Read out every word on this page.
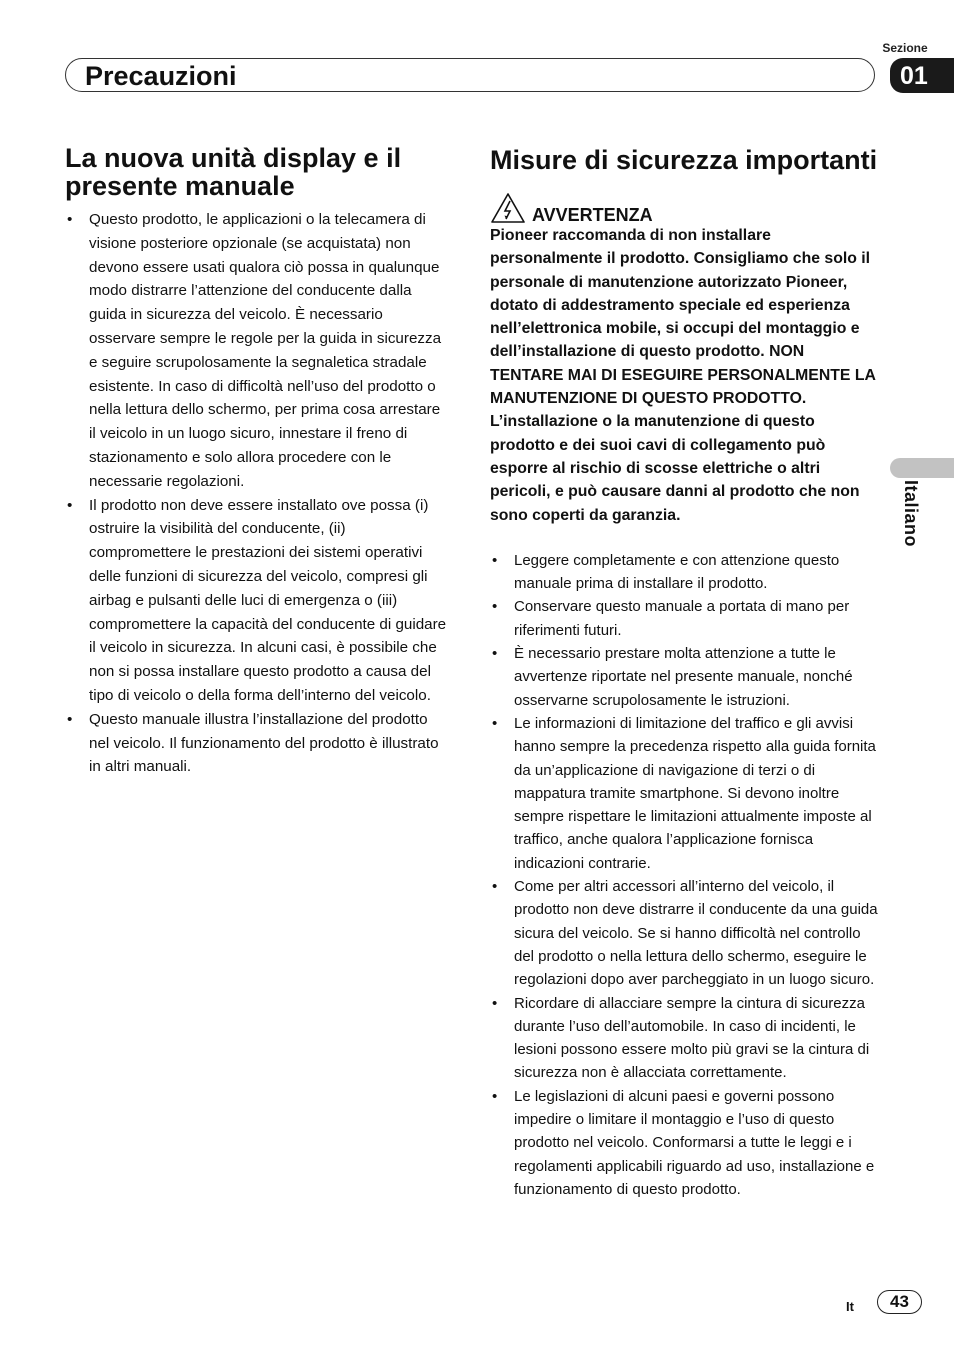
Sezione
Precauzioni	01
Italiano
La nuova unità display e il presente manuale
• Questo prodotto, le applicazioni o la telecamera di visione posteriore opzionale (se acquistata) non devono essere usati qualora ciò possa in qualunque modo distrarre l’attenzione del conducente dalla guida in sicurezza del veicolo. È necessario osservare sempre le regole per la guida in sicurezza e seguire scrupolosamente la segnaletica stradale esistente. In caso di difficoltà nell’uso del prodotto o nella lettura dello schermo, per prima cosa arrestare il veicolo in un luogo sicuro, innestare il freno di stazionamento e solo allora procedere con le necessarie regolazioni.
• Il prodotto non deve essere installato ove possa (i) ostruire la visibilità del conducente, (ii) compromettere le prestazioni dei sistemi operativi delle funzioni di sicurezza del veicolo, compresi gli airbag e pulsanti delle luci di emergenza o (iii) compromettere la capacità del conducente di guidare il veicolo in sicurezza. In alcuni casi, è possibile che non si possa installare questo prodotto a causa del tipo di veicolo o della forma dell’interno del veicolo.
• Questo manuale illustra l’installazione del prodotto nel veicolo. Il funzionamento del prodotto è illustrato in altri manuali.
Misure di sicurezza importanti
AVVERTENZA

Pioneer raccomanda di non installare personalmente il prodotto. Consigliamo che solo il personale di manutenzione autorizzato Pioneer, dotato di addestramento speciale ed esperienza nell’elettronica mobile, si occupi del montaggio e dell’installazione di questo prodotto. NON TENTARE MAI DI ESEGUIRE PERSONALMENTE LA MANUTENZIONE DI QUESTO PRODOTTO. L’installazione o la manutenzione di questo prodotto e dei suoi cavi di collegamento può esporre al rischio di scosse elettriche o altri pericoli, e può causare danni al prodotto che non sono coperti da garanzia.

• Leggere completamente e con attenzione questo manuale prima di installare il prodotto.
• Conservare questo manuale a portata di mano per riferimenti futuri.
• È necessario prestare molta attenzione a tutte le avvertenze riportate nel presente manuale, nonché osservarne scrupolosamente le istruzioni.
• Le informazioni di limitazione del traffico e gli avvisi hanno sempre la precedenza rispetto alla guida fornita da un’applicazione di navigazione di terzi o di mappatura tramite smartphone. Si devono inoltre sempre rispettare le limitazioni attualmente imposte al traffico, anche qualora l’applicazione fornisca indicazioni contrarie.
• Come per altri accessori all’interno del veicolo, il prodotto non deve distrarre il conducente da una guida sicura del veicolo. Se si hanno difficoltà nel controllo del prodotto o nella lettura dello schermo, eseguire le regolazioni dopo aver parcheggiato in un luogo sicuro.
• Ricordare di allacciare sempre la cintura di sicurezza durante l’uso dell’automobile. In caso di incidenti, le lesioni possono essere molto più gravi se la cintura di sicurezza non è allacciata correttamente.
• Le legislazioni di alcuni paesi e governi possono impedire o limitare il montaggio e l’uso di questo prodotto nel veicolo. Conformarsi a tutte le leggi e i regolamenti applicabili riguardo ad uso, installazione e funzionamento di questo prodotto.
It	43
